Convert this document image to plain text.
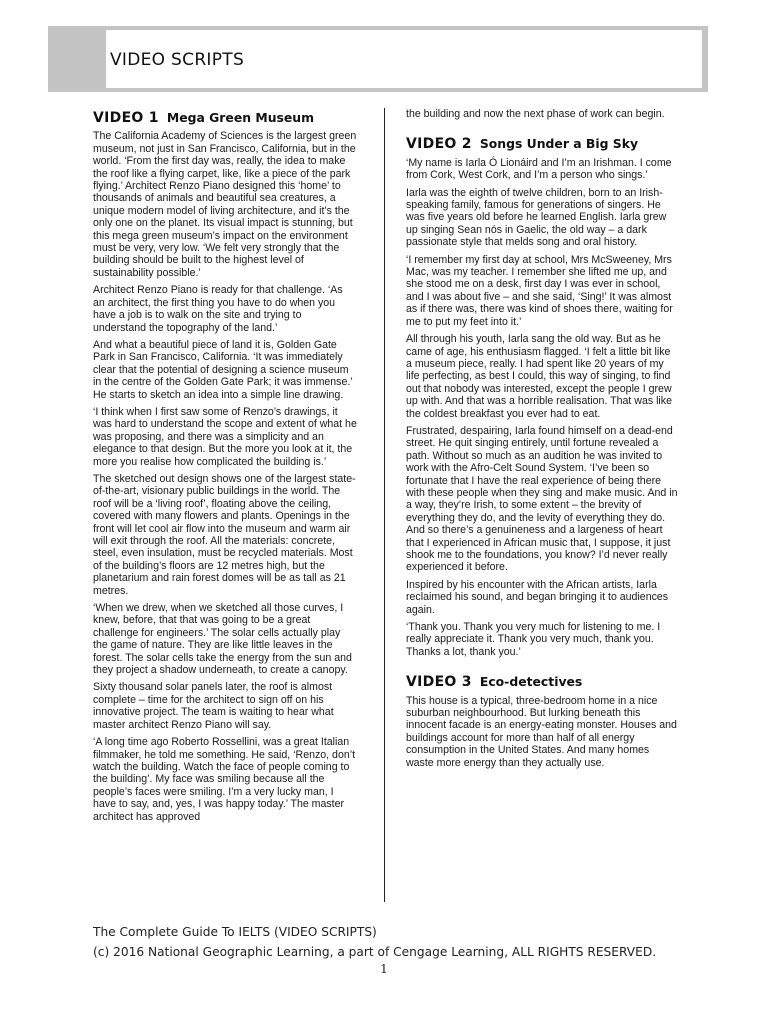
VIDEO SCRIPTS
VIDEO 1 Mega Green Museum

The California Academy of Sciences is the largest green museum, not just in San Francisco, California, but in the world. ‘From the first day was, really, the idea to make the roof like a flying carpet, like, like a piece of the park flying.’ Architect Renzo Piano designed this ‘home’ to thousands of animals and beautiful sea creatures, a unique modern model of living architecture, and it’s the only one on the planet. Its visual impact is stunning, but this mega green museum’s impact on the environment must be very, very low. ‘We felt very strongly that the building should be built to the highest level of sustainability possible.’

Architect Renzo Piano is ready for that challenge. ‘As an architect, the first thing you have to do when you have a job is to walk on the site and trying to understand the topography of the land.’

And what a beautiful piece of land it is, Golden Gate Park in San Francisco, California. ‘It was immediately clear that the potential of designing a science museum in the centre of the Golden Gate Park; it was immense.’ He starts to sketch an idea into a simple line drawing.

‘I think when I first saw some of Renzo’s drawings, it was hard to understand the scope and extent of what he was proposing, and there was a simplicity and an elegance to that design. But the more you look at it, the more you realise how complicated the building is.’

The sketched out design shows one of the largest state-of-the-art, visionary public buildings in the world. The roof will be a ‘living roof’, floating above the ceiling, covered with many flowers and plants. Openings in the front will let cool air flow into the museum and warm air will exit through the roof. All the materials: concrete, steel, even insulation, must be recycled materials. Most of the building’s floors are 12 metres high, but the planetarium and rain forest domes will be as tall as 21 metres.

‘When we drew, when we sketched all those curves, I knew, before, that that was going to be a great challenge for engineers.’ The solar cells actually play the game of nature. They are like little leaves in the forest. The solar cells take the energy from the sun and they project a shadow underneath, to create a canopy.

Sixty thousand solar panels later, the roof is almost complete – time for the architect to sign off on his innovative project. The team is waiting to hear what master architect Renzo Piano will say.

‘A long time ago Roberto Rossellini, was a great Italian filmmaker, he told me something. He said, ‘Renzo, don’t watch the building. Watch the face of people coming to the building’. My face was smiling because all the people’s faces were smiling. I’m a very lucky man, I have to say, and, yes, I was happy today.’ The master architect has approved

the building and now the next phase of work can begin.

VIDEO 2 Songs Under a Big Sky

‘My name is Iarla Ó Lionáird and I’m an Irishman. I come from Cork, West Cork, and I’m a person who sings.’

Iarla was the eighth of twelve children, born to an Irish-speaking family, famous for generations of singers. He was five years old before he learned English. Iarla grew up singing Sean nós in Gaelic, the old way – a dark passionate style that melds song and oral history.

‘I remember my first day at school, Mrs McSweeney, Mrs Mac, was my teacher. I remember she lifted me up, and she stood me on a desk, first day I was ever in school, and I was about five – and she said, ‘Sing!’ It was almost as if there was, there was kind of shoes there, waiting for me to put my feet into it.’

All through his youth, Iarla sang the old way. But as he came of age, his enthusiasm flagged. ‘I felt a little bit like a museum piece, really. I had spent like 20 years of my life perfecting, as best I could, this way of singing, to find out that nobody was interested, except the people I grew up with. And that was a horrible realisation. That was like the coldest breakfast you ever had to eat.

Frustrated, despairing, Iarla found himself on a dead-end street. He quit singing entirely, until fortune revealed a path. Without so much as an audition he was invited to work with the Afro-Celt Sound System. ‘I’ve been so fortunate that I have the real experience of being there with these people when they sing and make music. And in a way, they’re Irish, to some extent – the brevity of everything they do, and the levity of everything they do. And so there’s a genuineness and a largeness of heart that I experienced in African music that, I suppose, it just shook me to the foundations, you know? I’d never really experienced it before.

Inspired by his encounter with the African artists, Iarla reclaimed his sound, and began bringing it to audiences again.

‘Thank you. Thank you very much for listening to me. I really appreciate it. Thank you very much, thank you. Thanks a lot, thank you.’

VIDEO 3 Eco-detectives

This house is a typical, three-bedroom home in a nice suburban neighbourhood. But lurking beneath this innocent facade is an energy-eating monster. Houses and buildings account for more than half of all energy consumption in the United States. And many homes waste more energy than they actually use.

The Complete Guide To IELTS (VIDEO SCRIPTS)
(c) 2016 National Geographic Learning, a part of Cengage Learning, ALL RIGHTS RESERVED.
1
